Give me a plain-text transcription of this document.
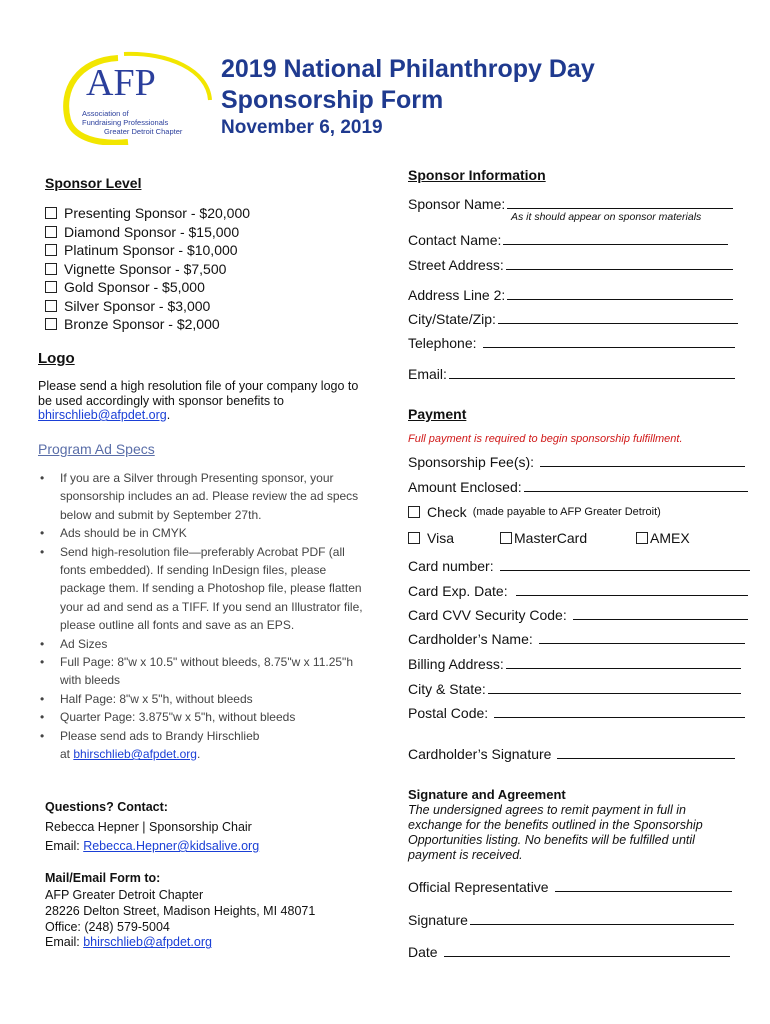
AFP
Association of
Fundraising Professionals
Greater Detroit Chapter
2019 National Philanthropy Day
Sponsorship Form
November 6, 2019
Sponsor Level
Presenting Sponsor - $20,000
Diamond Sponsor - $15,000
Platinum Sponsor - $10,000
Vignette Sponsor - $7,500
Gold Sponsor - $5,000
Silver Sponsor - $3,000
Bronze Sponsor - $2,000
Logo
Please send a high resolution file of your company logo to be used accordingly with sponsor benefits to bhirschlieb@afpdet.org.
Program Ad Specs
• If you are a Silver through Presenting sponsor, your sponsorship includes an ad. Please review the ad specs below and submit by September 27th.
• Ads should be in CMYK
• Send high-resolution file—preferably Acrobat PDF (all fonts embedded). If sending InDesign files, please package them. If sending a Photoshop file, please flatten your ad and send as a TIFF. If you send an Illustrator file, please outline all fonts and save as an EPS.
• Ad Sizes
• Full Page: 8"w x 10.5" without bleeds, 8.75"w x 11.25"h with bleeds
• Half Page: 8"w x 5"h, without bleeds
• Quarter Page: 3.875"w x 5"h, without bleeds
• Please send ads to Brandy Hirschlieb
at bhirschlieb@afpdet.org.
Questions? Contact:
Rebecca Hepner | Sponsorship Chair
Email: Rebecca.Hepner@kidsalive.org
Mail/Email Form to:
AFP Greater Detroit Chapter
28226 Delton Street, Madison Heights, MI 48071
Office: (248) 579-5004
Email: bhirschlieb@afpdet.org
Sponsor Information
Sponsor Name:
As it should appear on sponsor materials
Contact Name:
Street Address:
Address Line 2:
City/State/Zip:
Telephone:
Email:
Payment
Full payment is required to begin sponsorship fulfillment.
Sponsorship Fee(s):
Amount Enclosed:
Check (made payable to AFP Greater Detroit)
Visa	MasterCard	AMEX
Card number:
Card Exp. Date:
Card CVV Security Code:
Cardholder’s Name:
Billing Address:
City & State:
Postal Code:
Cardholder’s Signature
Signature and Agreement
The undersigned agrees to remit payment in full in exchange for the benefits outlined in the Sponsorship Opportunities listing. No benefits will be fulfilled until payment is received.
Official Representative
Signature
Date
